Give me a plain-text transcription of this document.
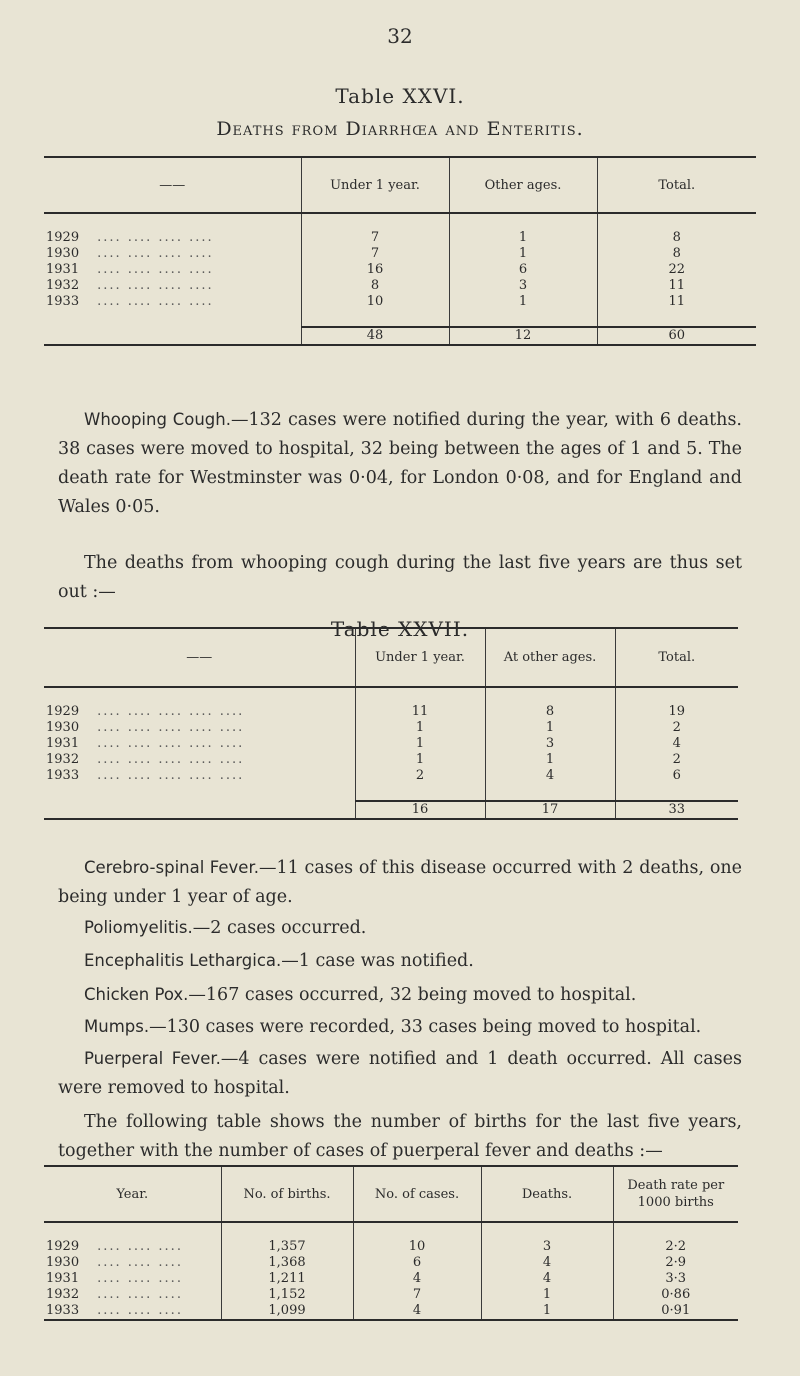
32
Table XXVI.
Deaths from Diarrhœa and Enteritis.
——	Under 1 year.	Other ages.	Total.

1929 .... .... .... ....	7	1	8
1930 .... .... .... ....	7	1	8
1931 .... .... .... ....	16	6	22
1932 .... .... .... ....	8	3	11
1933 .... .... .... ....	10	1	11

	48	12	60
Whooping Cough.—132 cases were notified during the year, with 6 deaths. 38 cases were moved to hospital, 32 being between the ages of 1 and 5. The death rate for Westminster was 0·04, for London 0·08, and for England and Wales 0·05.
The deaths from whooping cough during the last five years are thus set out :—
Table XXVII.
——	Under 1 year.	At other ages.	Total.

1929 .... .... .... .... ....	11	8	19
1930 .... .... .... .... ....	1	1	2
1931 .... .... .... .... ....	1	3	4
1932 .... .... .... .... ....	1	1	2
1933 .... .... .... .... ....	2	4	6

	16	17	33
Cerebro-spinal Fever.—11 cases of this disease occurred with 2 deaths, one being under 1 year of age.
Poliomyelitis.—2 cases occurred.
Encephalitis Lethargica.—1 case was notified.
Chicken Pox.—167 cases occurred, 32 being moved to hospital.
Mumps.—130 cases were recorded, 33 cases being moved to hospital.
Puerperal Fever.—4 cases were notified and 1 death occurred. All cases were removed to hospital.
The following table shows the number of births for the last five years, together with the number of cases of puerperal fever and deaths :—
Year.	No. of births.	No. of cases.	Deaths.	Death rate per 1000 births

1929 .... .... ....	1,357	10	3	2·2
1930 .... .... ....	1,368	6	4	2·9
1931 .... .... ....	1,211	4	4	3·3
1932 .... .... ....	1,152	7	1	0·86
1933 .... .... ....	1,099	4	1	0·91
